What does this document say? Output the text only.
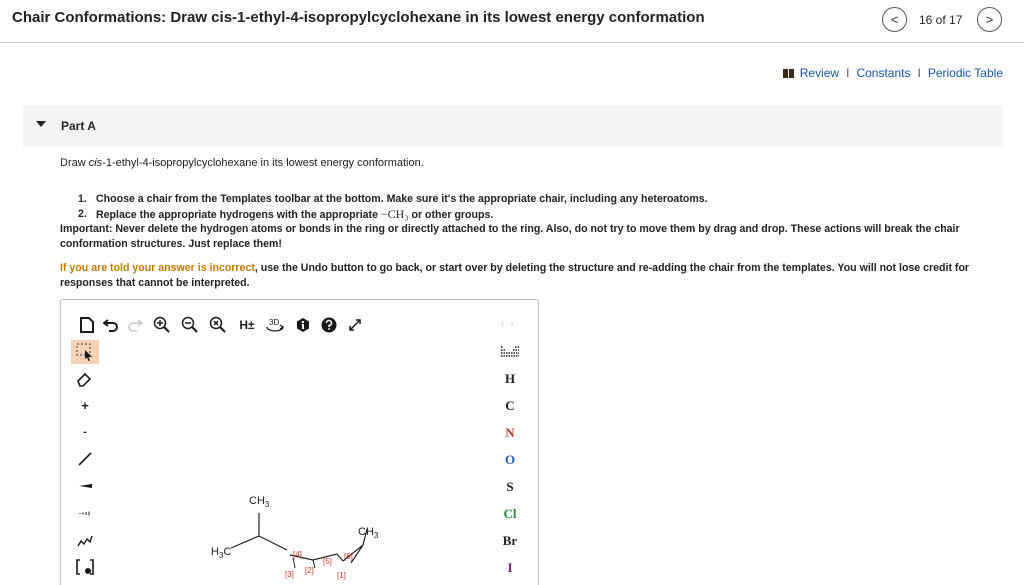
Chair Conformations: Draw cis-1-ethyl-4-isopropylcyclohexane in its lowest energy conformation	<	16 of 17	>
Review I Constants I Periodic Table
Part A
Draw cis-1-ethyl-4-isopropylcyclohexane in its lowest energy conformation.
1. Choose a chair from the Templates toolbar at the bottom. Make sure it's the appropriate chair, including any heteroatoms.
2. Replace the appropriate hydrogens with the appropriate −CH₃ or other groups.
Important: Never delete the hydrogen atoms or bonds in the ring or directly attached to the ring. Also, do not try to move them by drag and drop. These actions will break the chair conformation structures. Just replace them!
If you are told your answer is incorrect, use the Undo button to go back, or start over by deleting the structure and re-adding the chair from the templates. You will not lose credit for responses that cannot be interpreted.
H±	3D	‹ ›
+
-
$CH_3$
$CH_3$
$H_3C$	[4]
[5]
[6]
[3] [2]
[1]
H
C
N
O
S
Cl
Br
I
